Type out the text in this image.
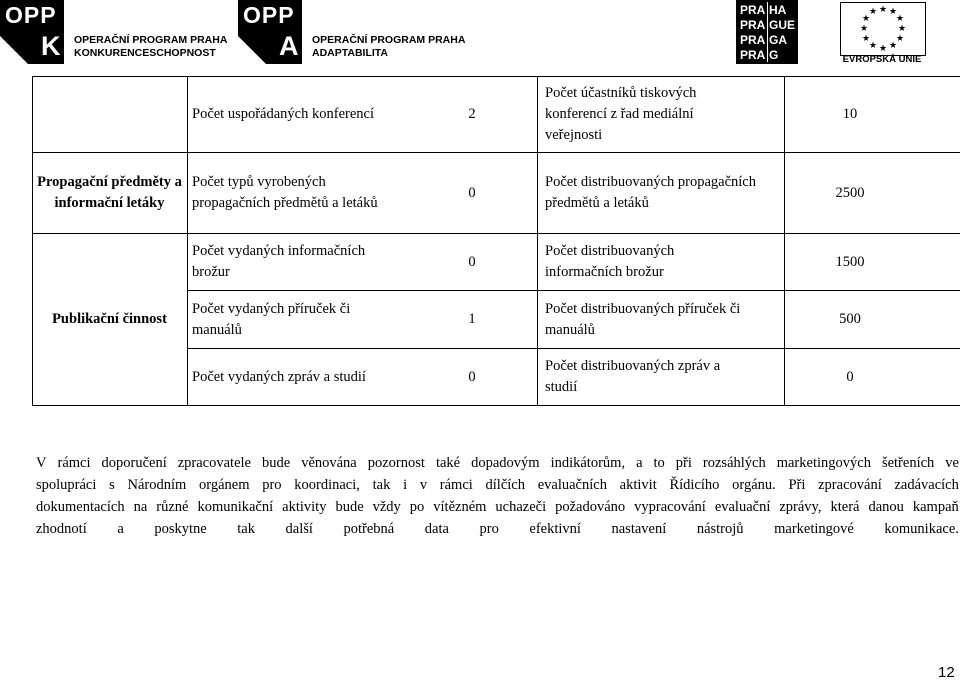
OPP
K OPERAČNÍ PROGRAM PRAHA
KONKURENCESCHOPNOST
OPP
A OPERAČNÍ PROGRAM PRAHA
ADAPTABILITA
PRA HA
PRA GUE
PRA GA
PRA G
★ ★
★
★
★
★
★
★
★
★
★
★
EVROPSKÁ UNIE
Počet uspořádaných konferencí	2
Počet účastníků tiskových konferencí z řad mediální veřejnosti
10
Propagační předměty a informační letáky
Počet typů vyrobených propagačních předmětů a letáků
0
Počet distribuovaných propagačních předmětů a letáků
2500
Publikační činnost
Počet vydaných informačních brožur
0
Počet distribuovaných informačních brožur
1500
Počet vydaných příruček či manuálů
1
Počet distribuovaných příruček či manuálů
500
Počet vydaných zpráv a studií	0
Počet distribuovaných zpráv a studií
0
V rámci doporučení zpracovatele bude věnována pozornost také dopadovým indikátorům, a to při rozsáhlých marketingových šetřeních ve
spolupráci s Národním orgánem pro koordinaci, tak i v rámci dílčích evaluačních aktivit Řídicího orgánu. Při zpracování zadávacích
dokumentacích na různé komunikační aktivity bude vždy po vítězném uchazeči požadováno vypracování evaluační zprávy, která danou kampaň
zhodnotí a poskytne tak další potřebná data pro efektivní nastavení nástrojů marketingové komunikace.
12
